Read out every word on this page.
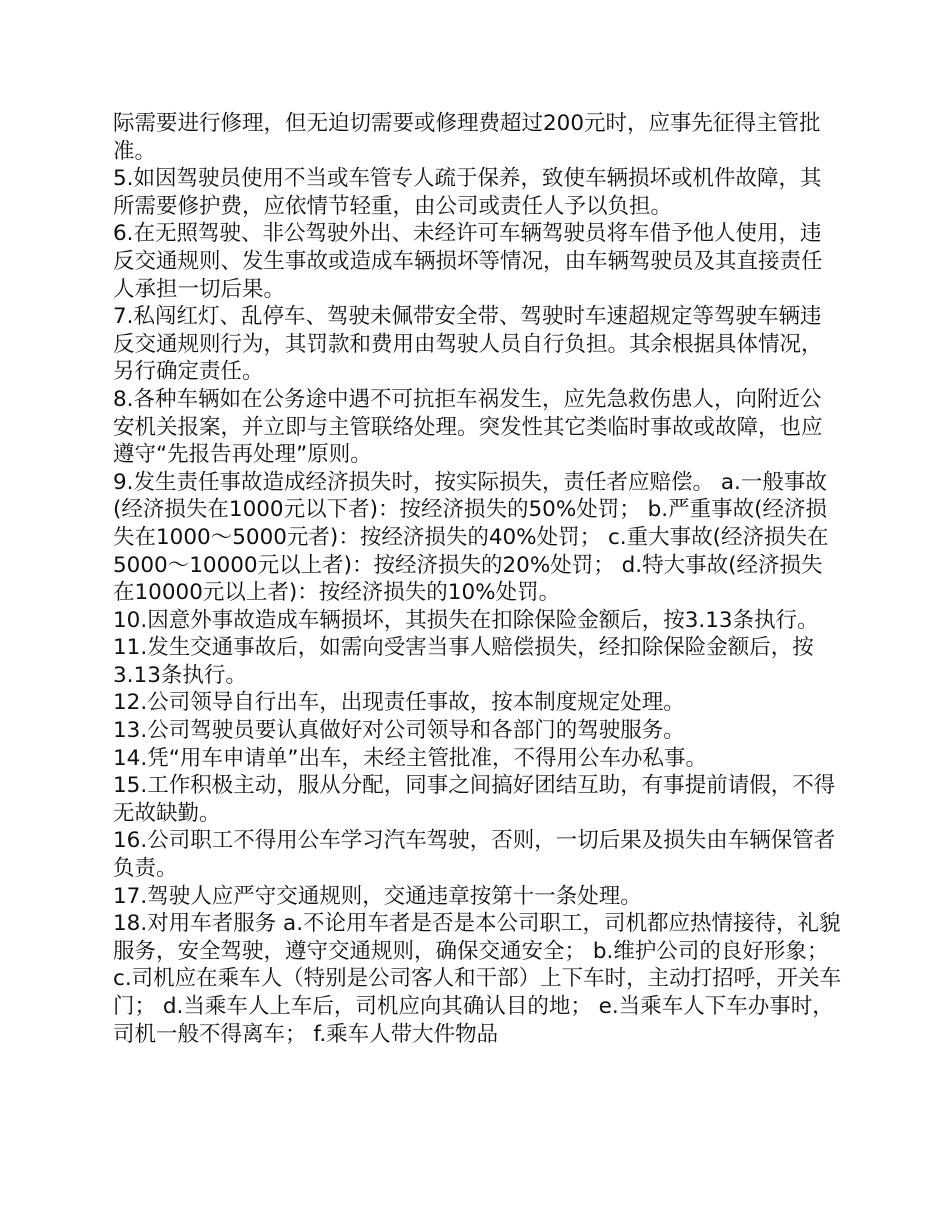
际需要进行修理，但无迫切需要或修理费超过200元时，应事先征得主管批准。

5.如因驾驶员使用不当或车管专人疏于保养，致使车辆损坏或机件故障，其所需要修护费，应依情节轻重，由公司或责任人予以负担。

6.在无照驾驶、非公驾驶外出、未经许可车辆驾驶员将车借予他人使用，违反交通规则、发生事故或造成车辆损坏等情况，由车辆驾驶员及其直接责任人承担一切后果。

7.私闯红灯、乱停车、驾驶未佩带安全带、驾驶时车速超规定等驾驶车辆违反交通规则行为，其罚款和费用由驾驶人员自行负担。其余根据具体情况，另行确定责任。

8.各种车辆如在公务途中遇不可抗拒车祸发生，应先急救伤患人，向附近公安机关报案，并立即与主管联络处理。突发性其它类临时事故或故障，也应遵守“先报告再处理”原则。

9.发生责任事故造成经济损失时，按实际损失，责任者应赔偿。 a.一般事故(经济损失在1000元以下者)：按经济损失的50%处罚； b.严重事故(经济损失在1000～5000元者)：按经济损失的40%处罚； c.重大事故(经济损失在5000～10000元以上者)：按经济损失的20%处罚； d.特大事故(经济损失在10000元以上者)：按经济损失的10%处罚。

10.因意外事故造成车辆损坏，其损失在扣除保险金额后，按3.13条执行。

11.发生交通事故后，如需向受害当事人赔偿损失，经扣除保险金额后，按3.13条执行。

12.公司领导自行出车，出现责任事故，按本制度规定处理。

13.公司驾驶员要认真做好对公司领导和各部门的驾驶服务。

14.凭“用车申请单”出车，未经主管批准，不得用公车办私事。

15.工作积极主动，服从分配，同事之间搞好团结互助，有事提前请假，不得无故缺勤。

16.公司职工不得用公车学习汽车驾驶，否则，一切后果及损失由车辆保管者负责。

17.驾驶人应严守交通规则，交通违章按第十一条处理。

18.对用车者服务 a.不论用车者是否是本公司职工，司机都应热情接待，礼貌服务，安全驾驶，遵守交通规则，确保交通安全； b.维护公司的良好形象； c.司机应在乘车人（特别是公司客人和干部）上下车时，主动打招呼，开关车门； d.当乘车人上车后，司机应向其确认目的地； e.当乘车人下车办事时，司机一般不得离车； f.乘车人带大件物品
